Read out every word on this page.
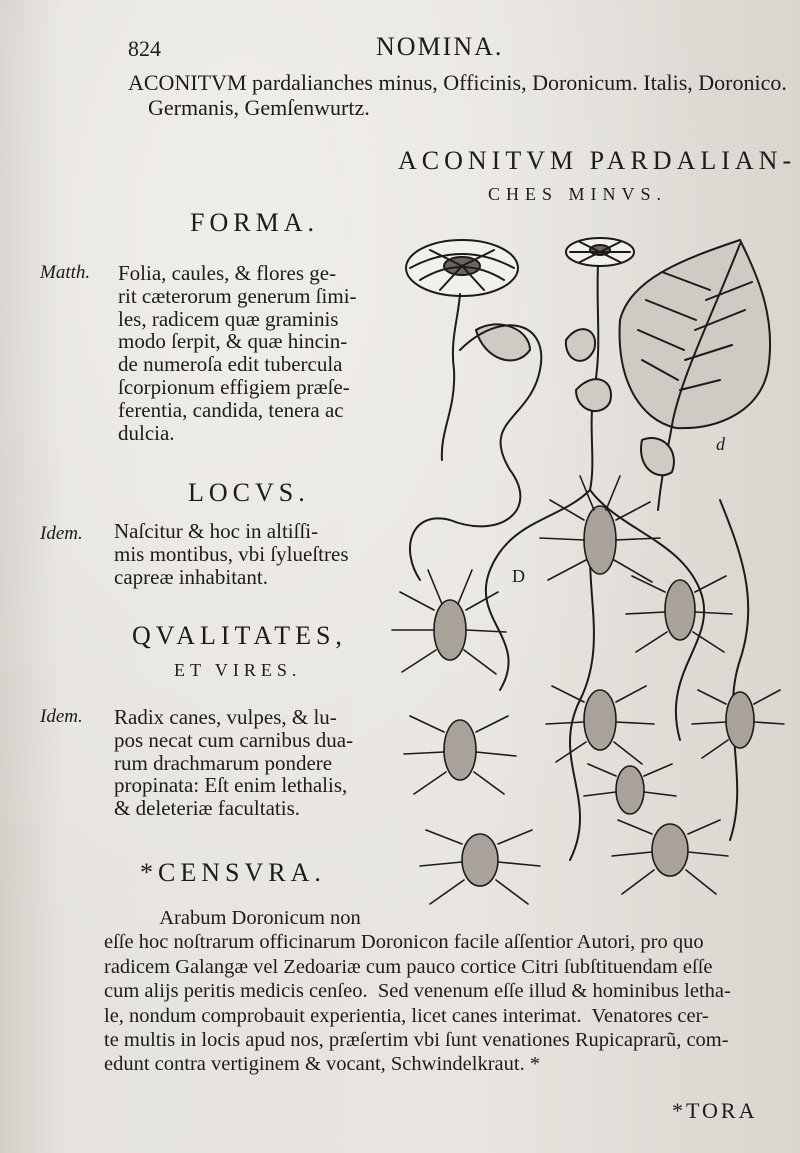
824	NOMINA.
ACONITVM pardalianches minus, Officinis, Doronicum. Italis, Doronico.
Germanis, Gemſenwurtz.
ACONITVM PARDALIAN-
CHES MINVS.
FORMA.
Matth. Folia, caules, & flores ge-
rit cæterorum generum ſimi-
les, radicem quæ graminis
modo ſerpit, & quæ hincin-
de numeroſa edit tubercula
ſcorpionum effigiem præſe-
ferentia, candida, tenera ac
dulcia.
LOCVS.
Idem. Naſcitur & hoc in altiſſi-
mis montibus, vbi ſylueſtres
capreæ inhabitant.
QVALITATES,
ET VIRES.
Idem. Radix canes, vulpes, & lu-
pos necat cum carnibus dua-
rum drachmarum pondere
propinata: Eſt enim lethalis,
& deleteriæ facultatis.
*CENSVRA.
Arabum Doronicum non
eſſe hoc noſtrarum officinarum Doronicon facile aſſentior Autori, pro quo
radicem Galangæ vel Zedoariæ cum pauco cortice Citri ſubſtituendam eſſe
cum alijs peritis medicis cenſeo.  Sed venenum eſſe illud & hominibus letha-
le, nondum comprobauit experientia, licet canes interimat.  Venatores cer-
te multis in locis apud nos, præſertim vbi ſunt venationes Rupicaprarũ, com-
edunt contra vertiginem & vocant, Schwindelkraut. *
*TORA
d
D
